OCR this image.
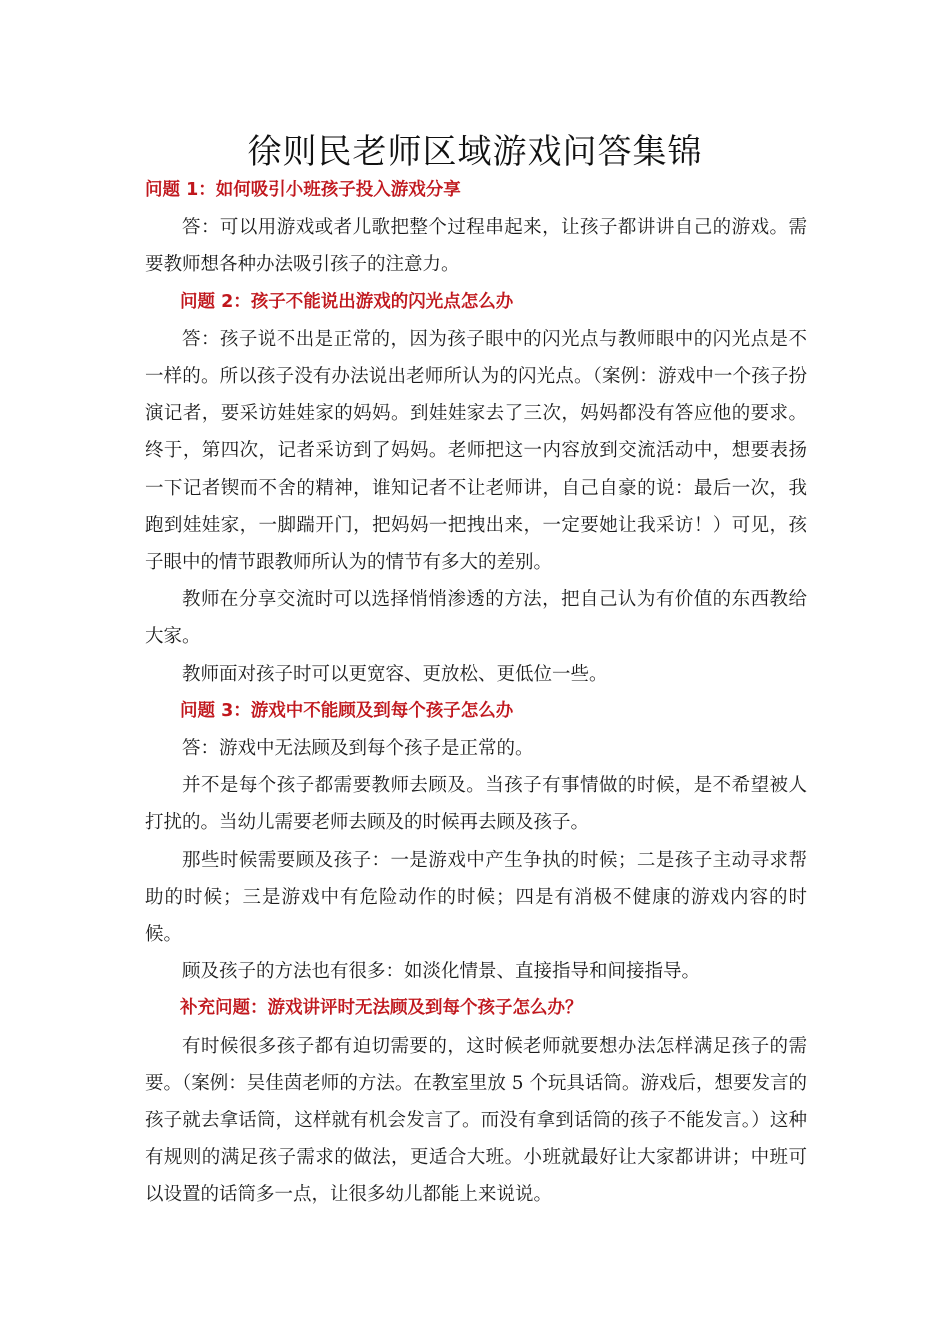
徐则民老师区域游戏问答集锦

问题 1：如何吸引小班孩子投入游戏分享

答：可以用游戏或者儿歌把整个过程串起来，让孩子都讲讲自己的游戏。需要教师想各种办法吸引孩子的注意力。

问题 2：孩子不能说出游戏的闪光点怎么办

答：孩子说不出是正常的，因为孩子眼中的闪光点与教师眼中的闪光点是不一样的。所以孩子没有办法说出老师所认为的闪光点。（案例：游戏中一个孩子扮演记者，要采访娃娃家的妈妈。到娃娃家去了三次，妈妈都没有答应他的要求。终于，第四次，记者采访到了妈妈。老师把这一内容放到交流活动中，想要表扬一下记者锲而不舍的精神，谁知记者不让老师讲，自己自豪的说：最后一次，我跑到娃娃家，一脚踹开门，把妈妈一把拽出来，一定要她让我采访！）可见，孩子眼中的情节跟教师所认为的情节有多大的差别。

教师在分享交流时可以选择悄悄渗透的方法，把自己认为有价值的东西教给大家。

教师面对孩子时可以更宽容、更放松、更低位一些。

问题 3：游戏中不能顾及到每个孩子怎么办

答：游戏中无法顾及到每个孩子是正常的。

并不是每个孩子都需要教师去顾及。当孩子有事情做的时候，是不希望被人打扰的。当幼儿需要老师去顾及的时候再去顾及孩子。

那些时候需要顾及孩子：一是游戏中产生争执的时候；二是孩子主动寻求帮助的时候；三是游戏中有危险动作的时候；四是有消极不健康的游戏内容的时候。

顾及孩子的方法也有很多：如淡化情景、直接指导和间接指导。

补充问题：游戏讲评时无法顾及到每个孩子怎么办？

有时候很多孩子都有迫切需要的，这时候老师就要想办法怎样满足孩子的需要。（案例：吴佳茵老师的方法。在教室里放 5 个玩具话筒。游戏后，想要发言的孩子就去拿话筒，这样就有机会发言了。而没有拿到话筒的孩子不能发言。）这种有规则的满足孩子需求的做法，更适合大班。小班就最好让大家都讲讲；中班可以设置的话筒多一点，让很多幼儿都能上来说说。
